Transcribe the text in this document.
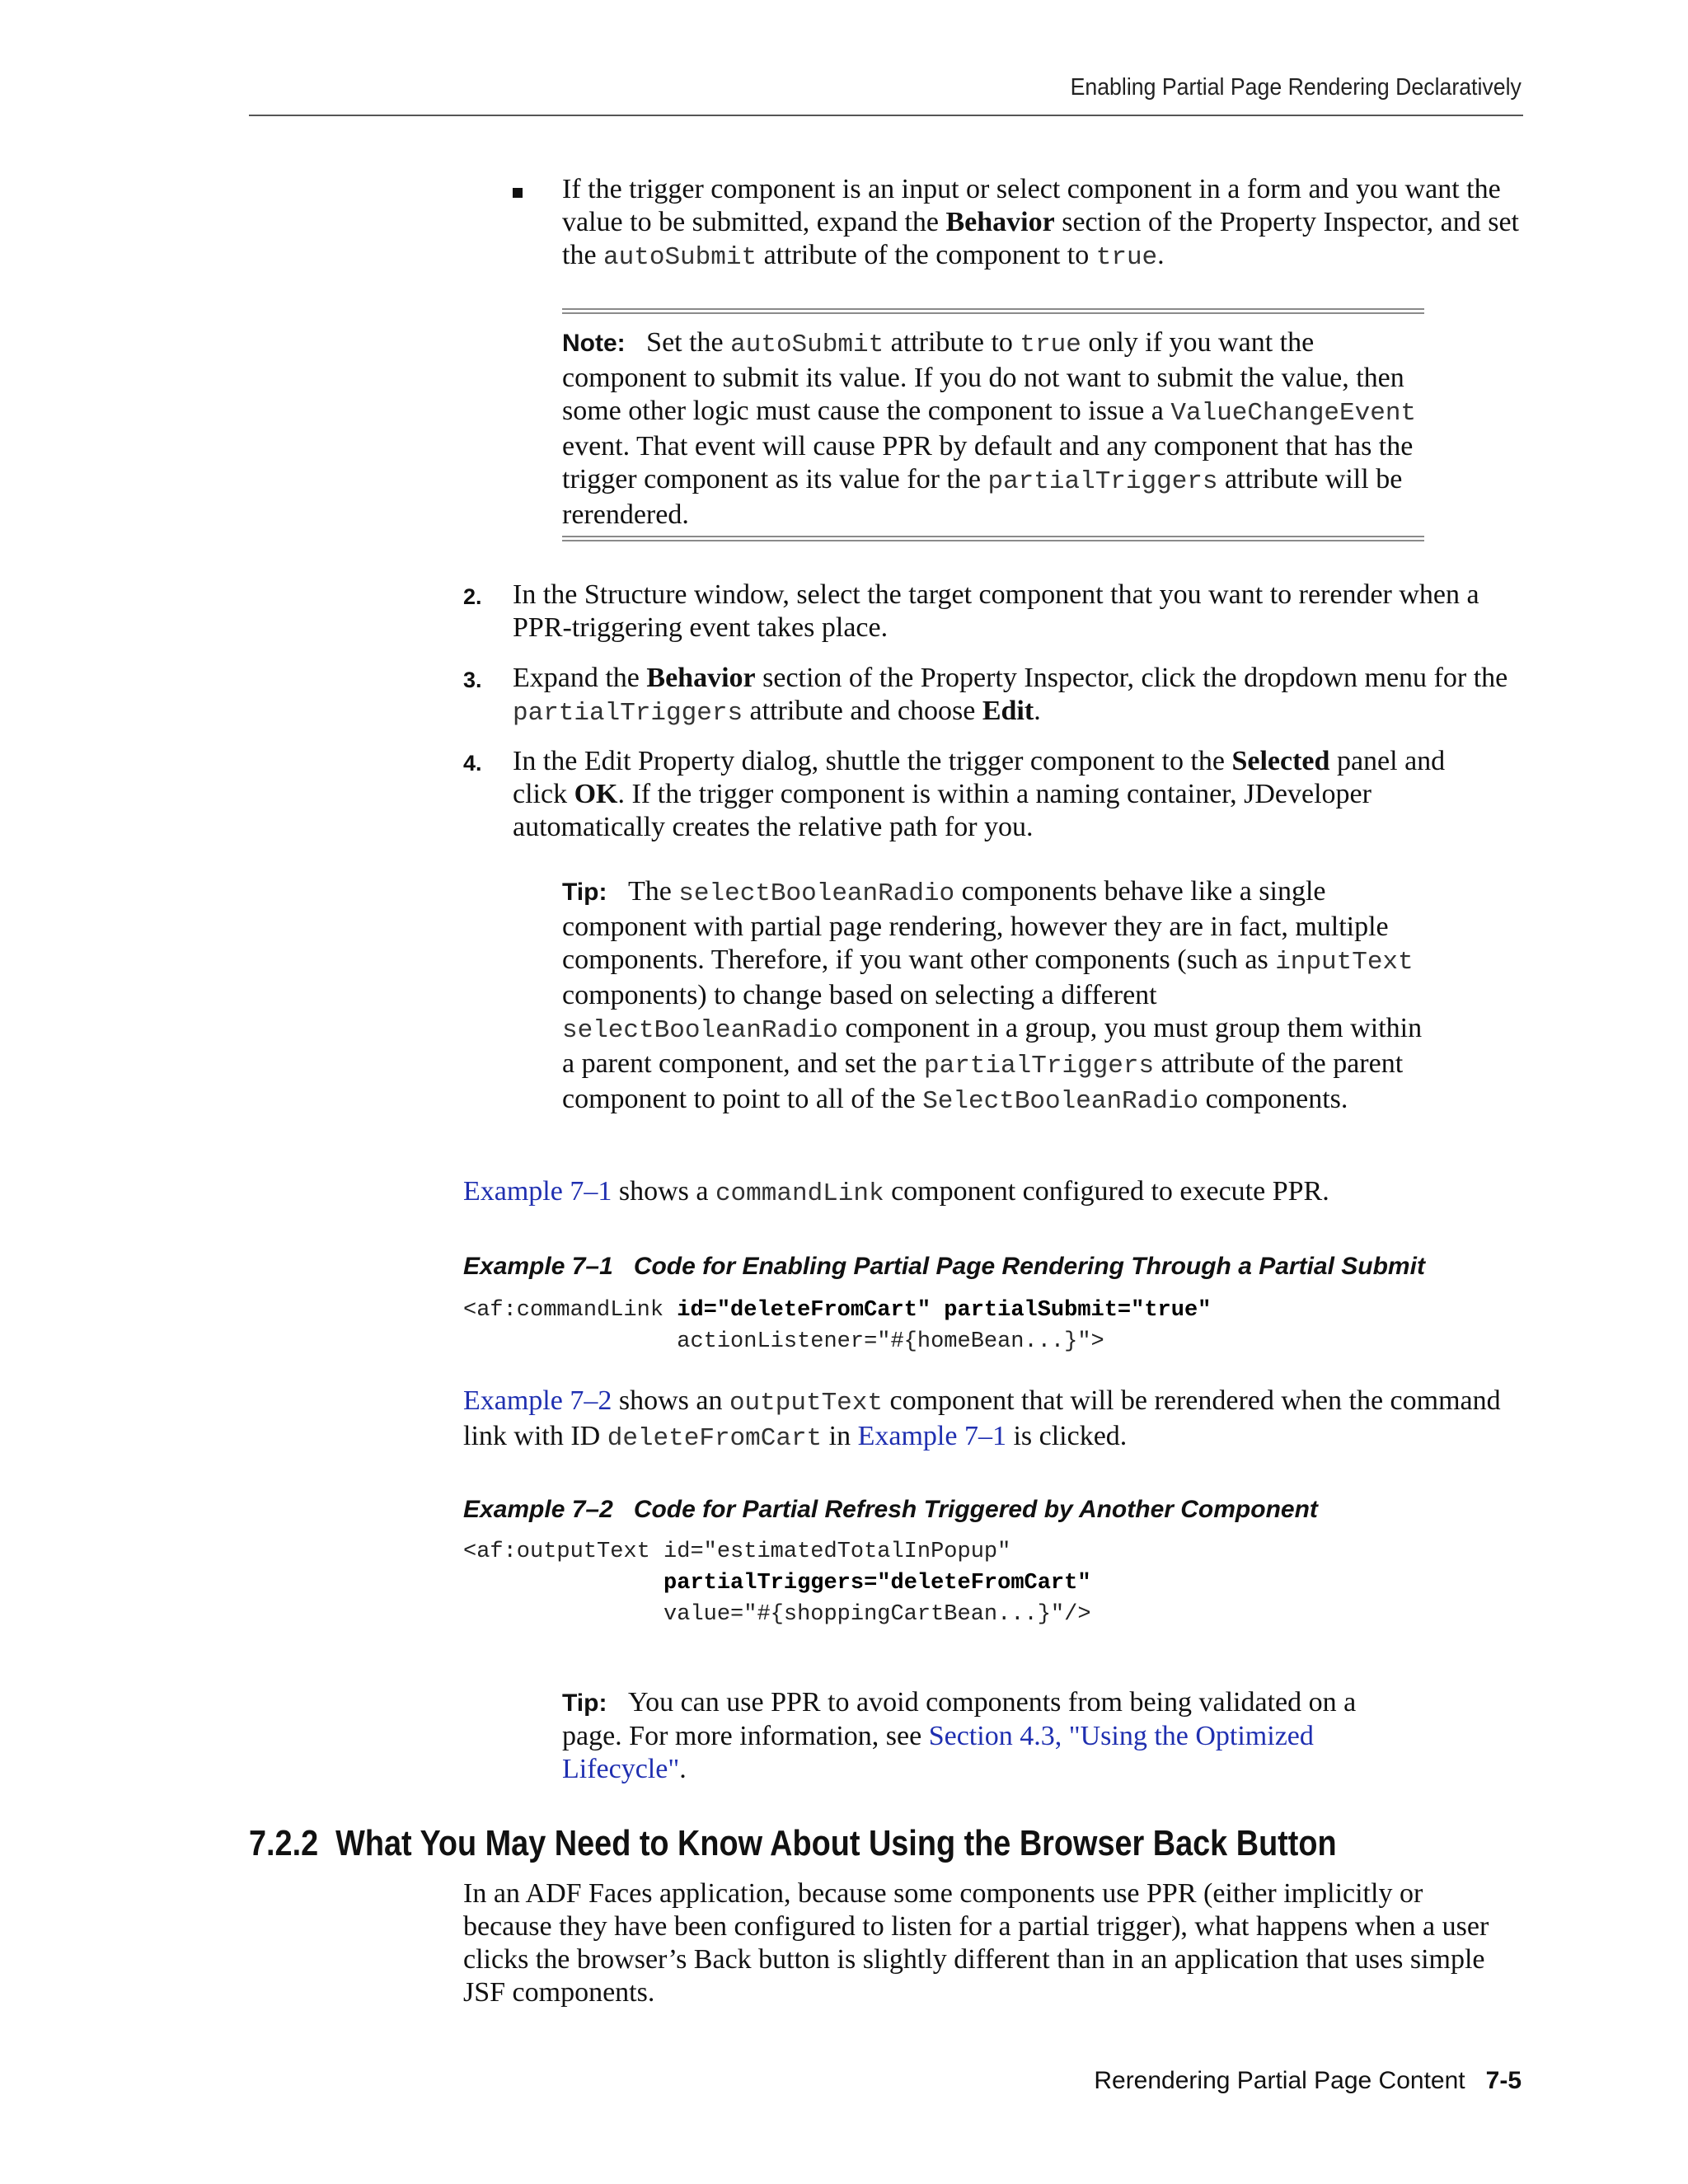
Enabling Partial Page Rendering Declaratively
If the trigger component is an input or select component in a form and you want the value to be submitted, expand the Behavior section of the Property Inspector, and set the autoSubmit attribute of the component to true.
Note: Set the autoSubmit attribute to true only if you want the component to submit its value. If you do not want to submit the value, then some other logic must cause the component to issue a ValueChangeEvent event. That event will cause PPR by default and any component that has the trigger component as its value for the partialTriggers attribute will be rerendered.
2. In the Structure window, select the target component that you want to rerender when a PPR-triggering event takes place.
3. Expand the Behavior section of the Property Inspector, click the dropdown menu for the partialTriggers attribute and choose Edit.
4. In the Edit Property dialog, shuttle the trigger component to the Selected panel and click OK. If the trigger component is within a naming container, JDeveloper automatically creates the relative path for you.
Tip: The selectBooleanRadio components behave like a single component with partial page rendering, however they are in fact, multiple components. Therefore, if you want other components (such as inputText components) to change based on selecting a different selectBooleanRadio component in a group, you must group them within a parent component, and set the partialTriggers attribute of the parent component to point to all of the SelectBooleanRadio components.
Example 7–1 shows a commandLink component configured to execute PPR.
Example 7–1 Code for Enabling Partial Page Rendering Through a Partial Submit
<af:commandLink id="deleteFromCart" partialSubmit="true"
actionListener="#{homeBean...}">
Example 7–2 shows an outputText component that will be rerendered when the command link with ID deleteFromCart in Example 7–1 is clicked.
Example 7–2 Code for Partial Refresh Triggered by Another Component
<af:outputText id="estimatedTotalInPopup"
partialTriggers="deleteFromCart"
value="#{shoppingCartBean...}"/>
Tip: You can use PPR to avoid components from being validated on a page. For more information, see Section 4.3, "Using the Optimized Lifecycle".
7.2.2  What You May Need to Know About Using the Browser Back Button
In an ADF Faces application, because some components use PPR (either implicitly or because they have been configured to listen for a partial trigger), what happens when a user clicks the browser’s Back button is slightly different than in an application that uses simple JSF components.
Rerendering Partial Page Content 7-5
